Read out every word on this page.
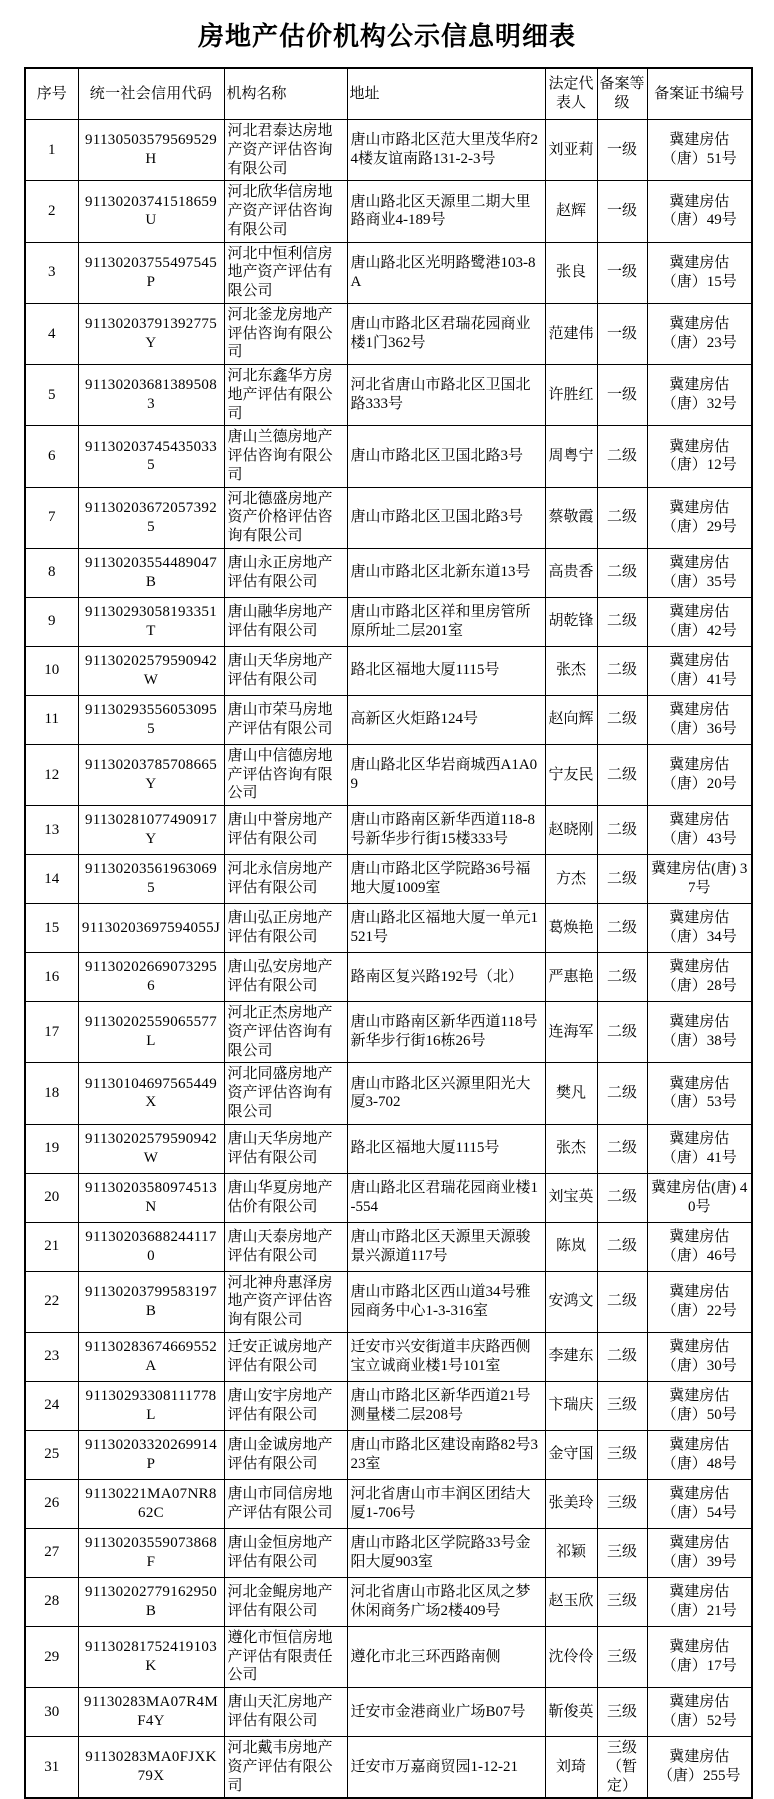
房地产估价机构公示信息明细表
序号	统一社会信用代码	机构名称	地址	法定代表人	备案等级	备案证书编号
1	91130503579569529H	河北君泰达房地产资产评估咨询有限公司	唐山市路北区范大里茂华府24楼友谊南路131-2-3号	刘亚莉	一级	冀建房估（唐）51号
2	91130203741518659U	河北欣华信房地产资产评估咨询有限公司	唐山路北区天源里二期大里路商业4-189号	赵辉	一级	冀建房估（唐）49号
3	91130203755497545P	河北中恒利信房地产资产评估有限公司	唐山路北区光明路鹭港103-8A	张良	一级	冀建房估（唐）15号
4	91130203791392775Y	河北釜龙房地产评估咨询有限公司	唐山市路北区君瑞花园商业楼1门362号	范建伟	一级	冀建房估（唐）23号
5	911302036813895083	河北东鑫华方房地产评估有限公司	河北省唐山市路北区卫国北路333号	许胜红	一级	冀建房估（唐）32号
6	911302037454350335	唐山兰德房地产评估咨询有限公司	唐山市路北区卫国北路3号	周粤宁	二级	冀建房估（唐）12号
7	911302036720573925	河北德盛房地产资产价格评估咨询有限公司	唐山市路北区卫国北路3号	蔡敬霞	二级	冀建房估（唐）29号
8	91130203554489047B	唐山永正房地产评估有限公司	唐山市路北区北新东道13号	高贵香	二级	冀建房估（唐）35号
9	91130293058193351T	唐山融华房地产评估有限公司	唐山市路北区祥和里房管所原所址二层201室	胡乾锋	二级	冀建房估（唐）42号
10	91130202579590942W	唐山天华房地产评估有限公司	路北区福地大厦1115号	张杰	二级	冀建房估（唐）41号
11	911302935560530955	唐山市荣马房地产评估有限公司	高新区火炬路124号	赵向辉	二级	冀建房估（唐）36号
12	91130203785708665Y	唐山中信德房地产评估咨询有限公司	唐山路北区华岩商城西A1A09	宁友民	二级	冀建房估（唐）20号
13	91130281077490917Y	唐山中誉房地产评估有限公司	唐山市路南区新华西道118-8号新华步行街15楼333号	赵晓刚	二级	冀建房估（唐）43号
14	911302035619630695	河北永信房地产评估有限公司	唐山市路北区学院路36号福地大厦1009室	方杰	二级	冀建房估(唐) 37号
15	91130203697594055J	唐山弘正房地产评估有限公司	唐山路北区福地大厦一单元1521号	葛焕艳	二级	冀建房估（唐）34号
16	911302026690732956	唐山弘安房地产评估有限公司	路南区复兴路192号（北）	严惠艳	二级	冀建房估（唐）28号
17	91130202559065577L	河北正杰房地产资产评估咨询有限公司	唐山市路南区新华西道118号新华步行街16栋26号	连海军	二级	冀建房估（唐）38号
18	91130104697565449X	河北同盛房地产资产评估咨询有限公司	唐山市路北区兴源里阳光大厦3-702	樊凡	二级	冀建房估（唐）53号
19	91130202579590942W	唐山天华房地产评估有限公司	路北区福地大厦1115号	张杰	二级	冀建房估（唐）41号
20	91130203580974513N	唐山华夏房地产估价有限公司	唐山路北区君瑞花园商业楼1-554	刘宝英	二级	冀建房估(唐) 40号
21	911302036882441170	唐山天泰房地产评估有限公司	唐山市路北区天源里天源骏景兴源道117号	陈岚	二级	冀建房估（唐）46号
22	91130203799583197B	河北神舟惠泽房地产资产评估咨询有限公司	唐山市路北区西山道34号雅园商务中心1-3-316室	安鸿文	二级	冀建房估（唐）22号
23	91130283674669552A	迁安正诚房地产评估有限公司	迁安市兴安街道丰庆路西侧宝立诚商业楼1号101室	李建东	二级	冀建房估（唐）30号
24	91130293308111778L	唐山安宇房地产评估有限公司	唐山市路北区新华西道21号测量楼二层208号	卞瑞庆	三级	冀建房估（唐）50号
25	91130203320269914P	唐山金诚房地产评估有限公司	唐山市路北区建设南路82号323室	金守国	三级	冀建房估（唐）48号
26	91130221MA07NR862C	唐山市同信房地产评估有限公司	河北省唐山市丰润区团结大厦1-706号	张美玲	三级	冀建房估（唐）54号
27	91130203559073868F	唐山金恒房地产评估有限公司	唐山市路北区学院路33号金阳大厦903室	祁颖	三级	冀建房估（唐）39号
28	91130202779162950B	河北金鲲房地产评估有限公司	河北省唐山市路北区凤之梦休闲商务广场2楼409号	赵玉欣	三级	冀建房估（唐）21号
29	91130281752419103K	遵化市恒信房地产评估有限责任公司	遵化市北三环西路南侧	沈伶伶	三级	冀建房估（唐）17号
30	91130283MA07R4MF4Y	唐山天汇房地产评估有限公司	迁安市金港商业广场B07号	靳俊英	三级	冀建房估（唐）52号
31	91130283MA0FJXK79X	河北戴韦房地产资产评估有限公司	迁安市万嘉商贸园1-12-21	刘琦	三级（暂定）	冀建房估（唐）255号
